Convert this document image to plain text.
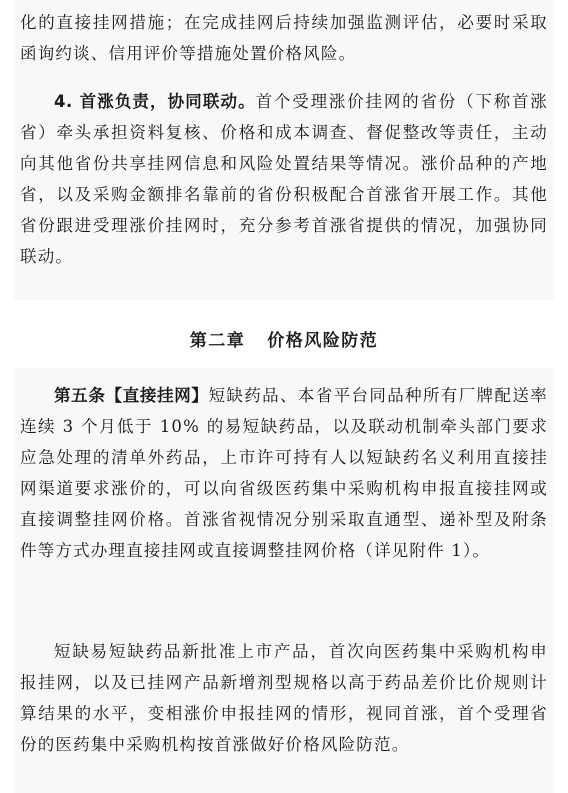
化的直接挂网措施；在完成挂网后持续加强监测评估，必要时采取函询约谈、信用评价等措施处置价格风险。

4. 首涨负责，协同联动。首个受理涨价挂网的省份（下称首涨省）牵头承担资料复核、价格和成本调查、督促整改等责任，主动向其他省份共享挂网信息和风险处置结果等情况。涨价品种的产地省，以及采购金额排名靠前的省份积极配合首涨省开展工作。其他省份跟进受理涨价挂网时，充分参考首涨省提供的情况，加强协同联动。

第二章 价格风险防范

第五条【直接挂网】短缺药品、本省平台同品种所有厂牌配送率连续 3 个月低于 10% 的易短缺药品，以及联动机制牵头部门要求应急处理的清单外药品，上市许可持有人以短缺药名义利用直接挂网渠道要求涨价的，可以向省级医药集中采购机构申报直接挂网或直接调整挂网价格。首涨省视情况分别采取直通型、递补型及附条件等方式办理直接挂网或直接调整挂网价格（详见附件 1）。

短缺易短缺药品新批准上市产品，首次向医药集中采购机构申报挂网，以及已挂网产品新增剂型规格以高于药品差价比价规则计算结果的水平，变相涨价申报挂网的情形，视同首涨，首个受理省份的医药集中采购机构按首涨做好价格风险防范。
